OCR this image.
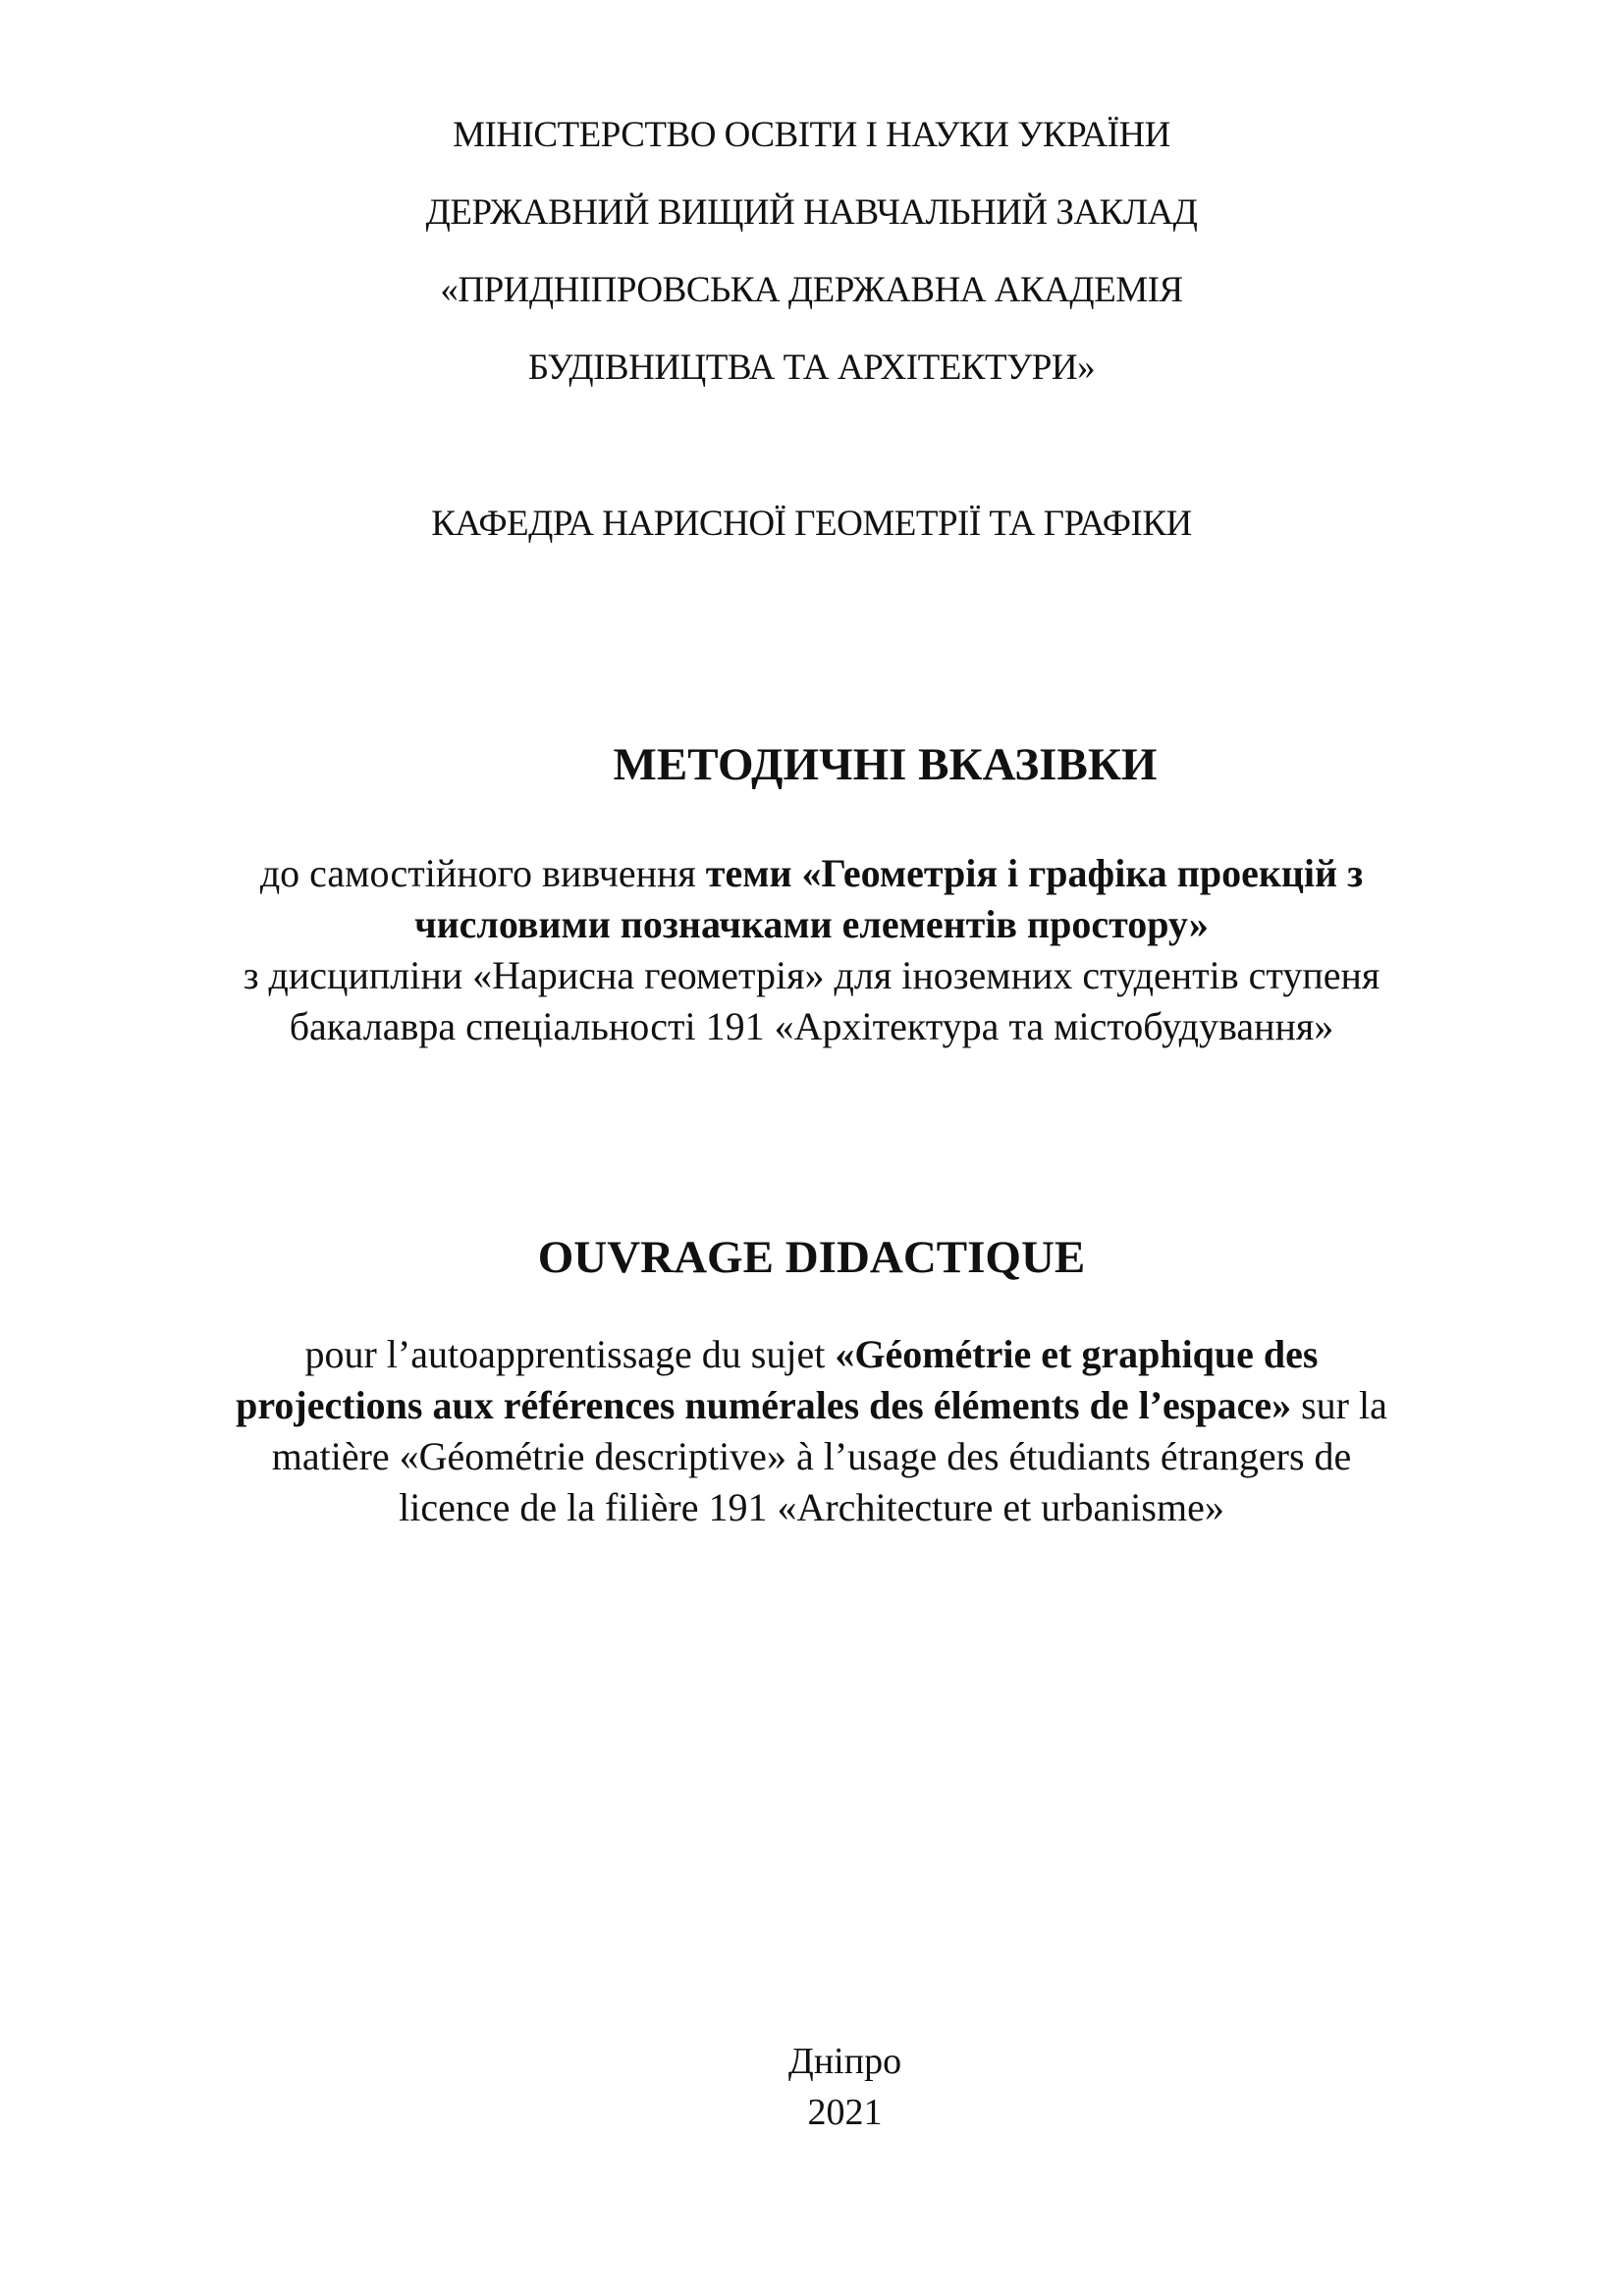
МІНІСТЕРСТВО ОСВІТИ І НАУКИ УКРАЇНИ
ДЕРЖАВНИЙ ВИЩИЙ НАВЧАЛЬНИЙ ЗАКЛАД
«ПРИДНІПРОВСЬКА ДЕРЖАВНА АКАДЕМІЯ
БУДІВНИЦТВА ТА АРХІТЕКТУРИ»
КАФЕДРА НАРИСНОЇ ГЕОМЕТРІЇ ТА ГРАФІКИ
МЕТОДИЧНІ ВКАЗІВКИ
до самостійного вивчення теми «Геометрія і графіка проекцій з
числовими позначками елементів простору»
з дисципліни «Нарисна геометрія» для іноземних студентів ступеня
бакалавра спеціальності 191 «Архітектура та містобудування»
OUVRAGE DIDACTIQUE
pour l’autoapprentissage du sujet «Géométrie et graphique des
projections aux références numérales des éléments de l’espace» sur la
matière «Géométrie descriptive» à l’usage des étudiants étrangers de
licence de la filière 191 «Architecture et urbanisme»
Дніпро
2021
